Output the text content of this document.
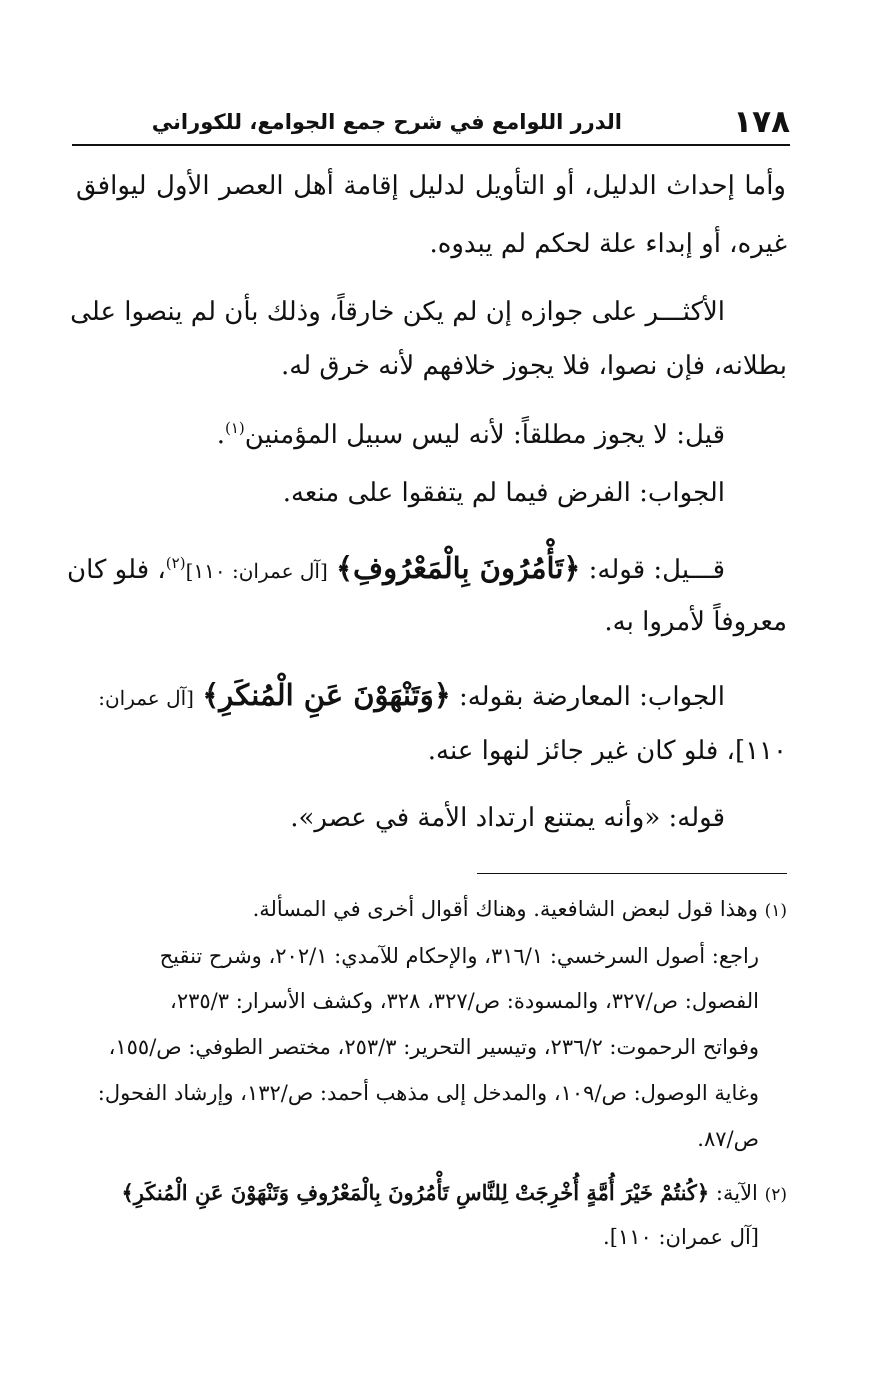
١٧٨
الدرر اللوامع في شرح جمع الجوامع، للكوراني
وأما إحداث الدليل، أو التأويل لدليل إقامة أهل العصر الأول ليوافق
غيره، أو إبداء علة لحكم لم يبدوه.
الأكثـــر على جوازه إن لم يكن خارقاً، وذلك بأن لم ينصوا على
بطلانه، فإن نصوا، فلا يجوز خلافهم لأنه خرق له.
قيل: لا يجوز مطلقاً: لأنه ليس سبيل المؤمنين$^{(١)}$.
الجواب: الفرض فيما لم يتفقوا على منعه.
قـــيل: قوله: ﴿تَأْمُرُونَ بِالْمَعْرُوفِ﴾ [آل عمران: ١١٠]$^{(٢)}$، فلو كان
معروفاً لأمروا به.
الجواب: المعارضة بقوله: ﴿وَتَنْهَوْنَ عَنِ الْمُنكَرِ﴾ [آل عمران:
١١٠]، فلو كان غير جائز لنهوا عنه.
قوله: «وأنه يمتنع ارتداد الأمة في عصر».
(١) وهذا قول لبعض الشافعية. وهناك أقوال أخرى في المسألة.
راجع: أصول السرخسي: ٣١٦/١، والإحكام للآمدي: ٢٠٢/١، وشرح تنقيح
الفصول: ص/٣٢٧، والمسودة: ص/٣٢٧، ٣٢٨، وكشف الأسرار: ٢٣٥/٣،
وفواتح الرحموت: ٢٣٦/٢، وتيسير التحرير: ٢٥٣/٣، مختصر الطوفي: ص/١٥٥،
وغاية الوصول: ص/١٠٩، والمدخل إلى مذهب أحمد: ص/١٣٢، وإرشاد الفحول:
ص/٨٧.
(٢) الآية: ﴿كُنتُمْ خَيْرَ أُمَّةٍ أُخْرِجَتْ لِلنَّاسِ تَأْمُرُونَ بِالْمَعْرُوفِ وَتَنْهَوْنَ عَنِ الْمُنكَرِ﴾
[آل عمران: ١١٠].
